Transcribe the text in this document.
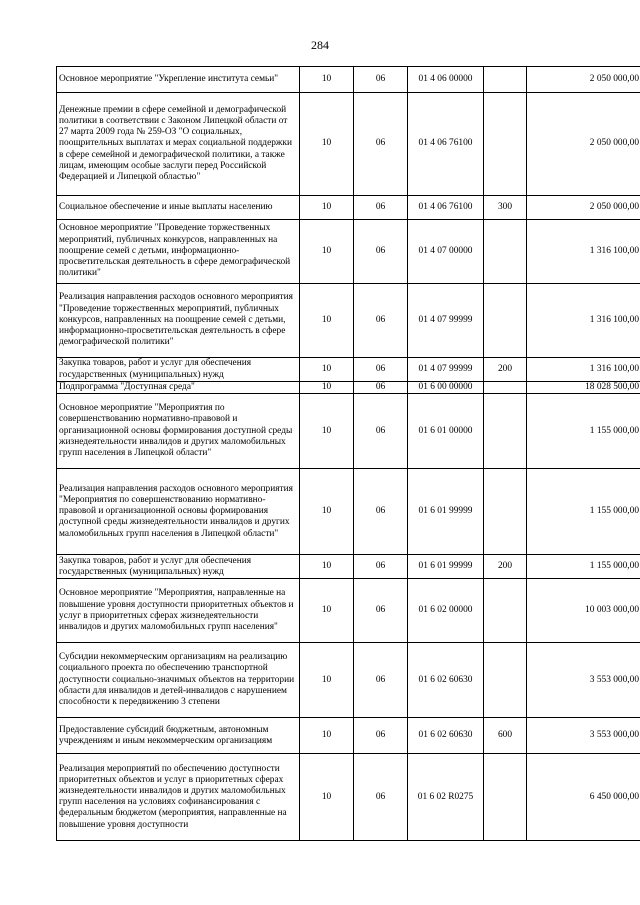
284
Основное мероприятие "Укрепление института семьи"	10	06	01 4 06 00000		2 050 000,00
Денежные премии в сфере семейной и демографической политики в соответствии с Законом Липецкой области от 27 марта 2009 года № 259-ОЗ "О социальных, поощрительных выплатах и мерах социальной поддержки в сфере семейной и демографической политики, а также лицам, имеющим особые заслуги перед Российской Федерацией и Липецкой областью"	10	06	01 4 06 76100		2 050 000,00
Социальное обеспечение и иные выплаты населению	10	06	01 4 06 76100	300	2 050 000,00
Основное мероприятие "Проведение торжественных мероприятий, публичных конкурсов, направленных на поощрение семей с детьми, информационно-просветительская деятельность в сфере демографической политики"	10	06	01 4 07 00000		1 316 100,00
Реализация направления расходов основного мероприятия "Проведение торжественных мероприятий, публичных конкурсов, направленных на поощрение семей с детьми, информационно-просветительская деятельность в сфере демографической политики"	10	06	01 4 07 99999		1 316 100,00
Закупка товаров, работ и услуг для обеспечения государственных (муниципальных) нужд	10	06	01 4 07 99999	200	1 316 100,00
Подпрограмма "Доступная среда"	10	06	01 6 00 00000		18 028 500,00
Основное мероприятие "Мероприятия по совершенствованию нормативно-правовой и организационной основы формирования доступной среды жизнедеятельности инвалидов и других маломобильных групп населения в Липецкой области"	10	06	01 6 01 00000		1 155 000,00
Реализация направления расходов основного мероприятия "Мероприятия по совершенствованию нормативно-правовой и организационной основы формирования доступной среды жизнедеятельности инвалидов и других маломобильных групп населения в Липецкой области"	10	06	01 6 01 99999		1 155 000,00
Закупка товаров, работ и услуг для обеспечения государственных (муниципальных) нужд	10	06	01 6 01 99999	200	1 155 000,00
Основное мероприятие "Мероприятия, направленные на повышение уровня доступности приоритетных объектов и услуг в приоритетных сферах жизнедеятельности инвалидов и других маломобильных групп населения"	10	06	01 6 02 00000		10 003 000,00
Субсидии некоммерческим организациям на реализацию социального проекта по обеспечению транспортной доступности социально-значимых объектов на территории области для инвалидов и детей-инвалидов с нарушением способности к передвижению 3 степени	10	06	01 6 02 60630		3 553 000,00
Предоставление субсидий бюджетным, автономным учреждениям и иным некоммерческим организациям	10	06	01 6 02 60630	600	3 553 000,00
Реализация мероприятий по обеспечению доступности приоритетных объектов и услуг в приоритетных сферах жизнедеятельности инвалидов и других маломобильных групп населения на условиях софинансирования с федеральным бюджетом (мероприятия, направленные на повышение уровня доступности	10	06	01 6 02 R0275		6 450 000,00
